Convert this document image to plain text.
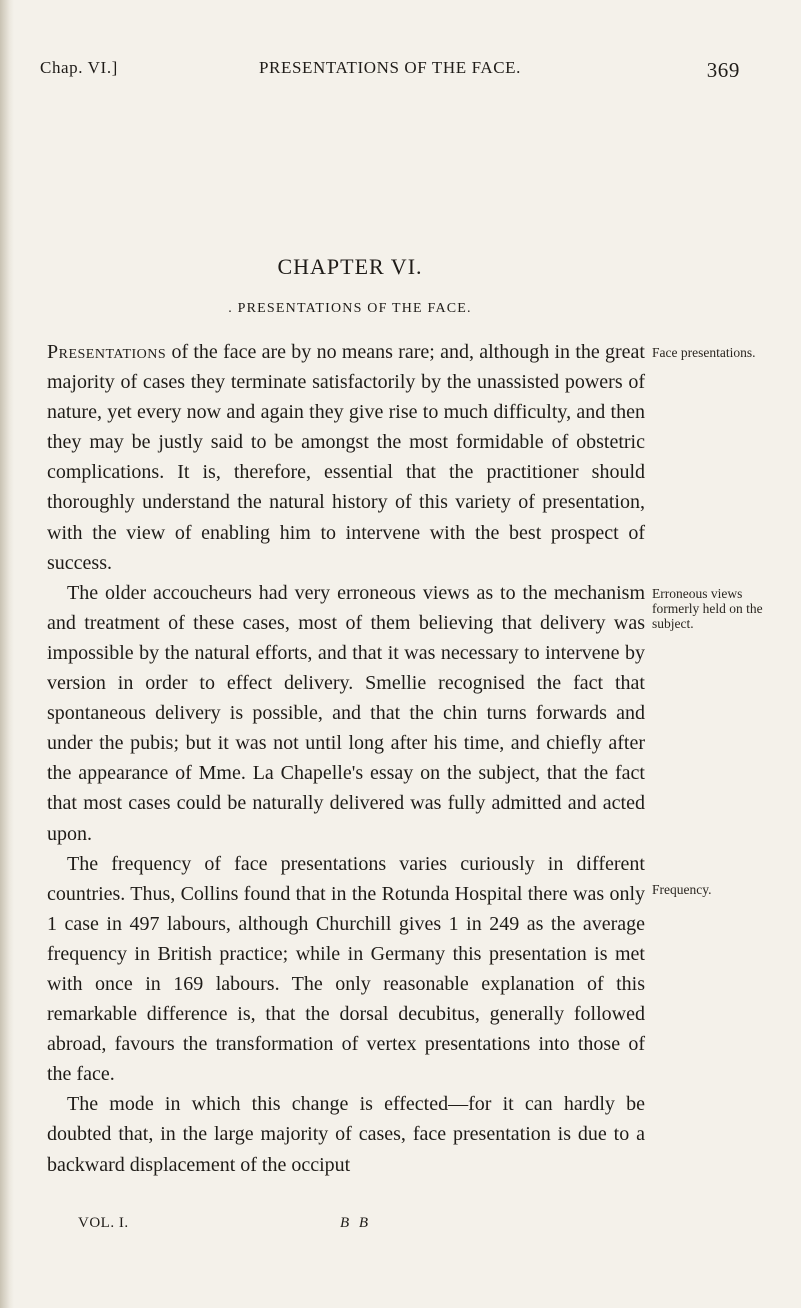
Chap. VI.]	PRESENTATIONS OF THE FACE.	369
CHAPTER VI.
. PRESENTATIONS OF THE FACE.

Presentations of the face are by no means rare; and, although in the great majority of cases they terminate satisfactorily by the unassisted powers of nature, yet every now and again they give rise to much difficulty, and then they may be justly said to be amongst the most formidable of obstetric complications. It is, therefore, essential that the practitioner should thoroughly understand the natural history of this variety of presentation, with the view of enabling him to intervene with the best prospect of success.

The older accoucheurs had very erroneous views as to the mechanism and treatment of these cases, most of them believing that delivery was impossible by the natural efforts, and that it was necessary to intervene by version in order to effect delivery. Smellie recognised the fact that spontaneous delivery is possible, and that the chin turns forwards and under the pubis; but it was not until long after his time, and chiefly after the appearance of Mme. La Chapelle's essay on the subject, that the fact that most cases could be naturally delivered was fully admitted and acted upon.

The frequency of face presentations varies curiously in different countries. Thus, Collins found that in the Rotunda Hospital there was only 1 case in 497 labours, although Churchill gives 1 in 249 as the average frequency in British practice; while in Germany this presentation is met with once in 169 labours. The only reasonable explanation of this remarkable difference is, that the dorsal decubitus, generally followed abroad, favours the transformation of vertex presentations into those of the face.

The mode in which this change is effected—for it can hardly be doubted that, in the large majority of cases, face presentation is due to a backward displacement of the occiput

Face presentations.
Erroneous views formerly held on the subject.
Frequency.
VOL. I.	B B
